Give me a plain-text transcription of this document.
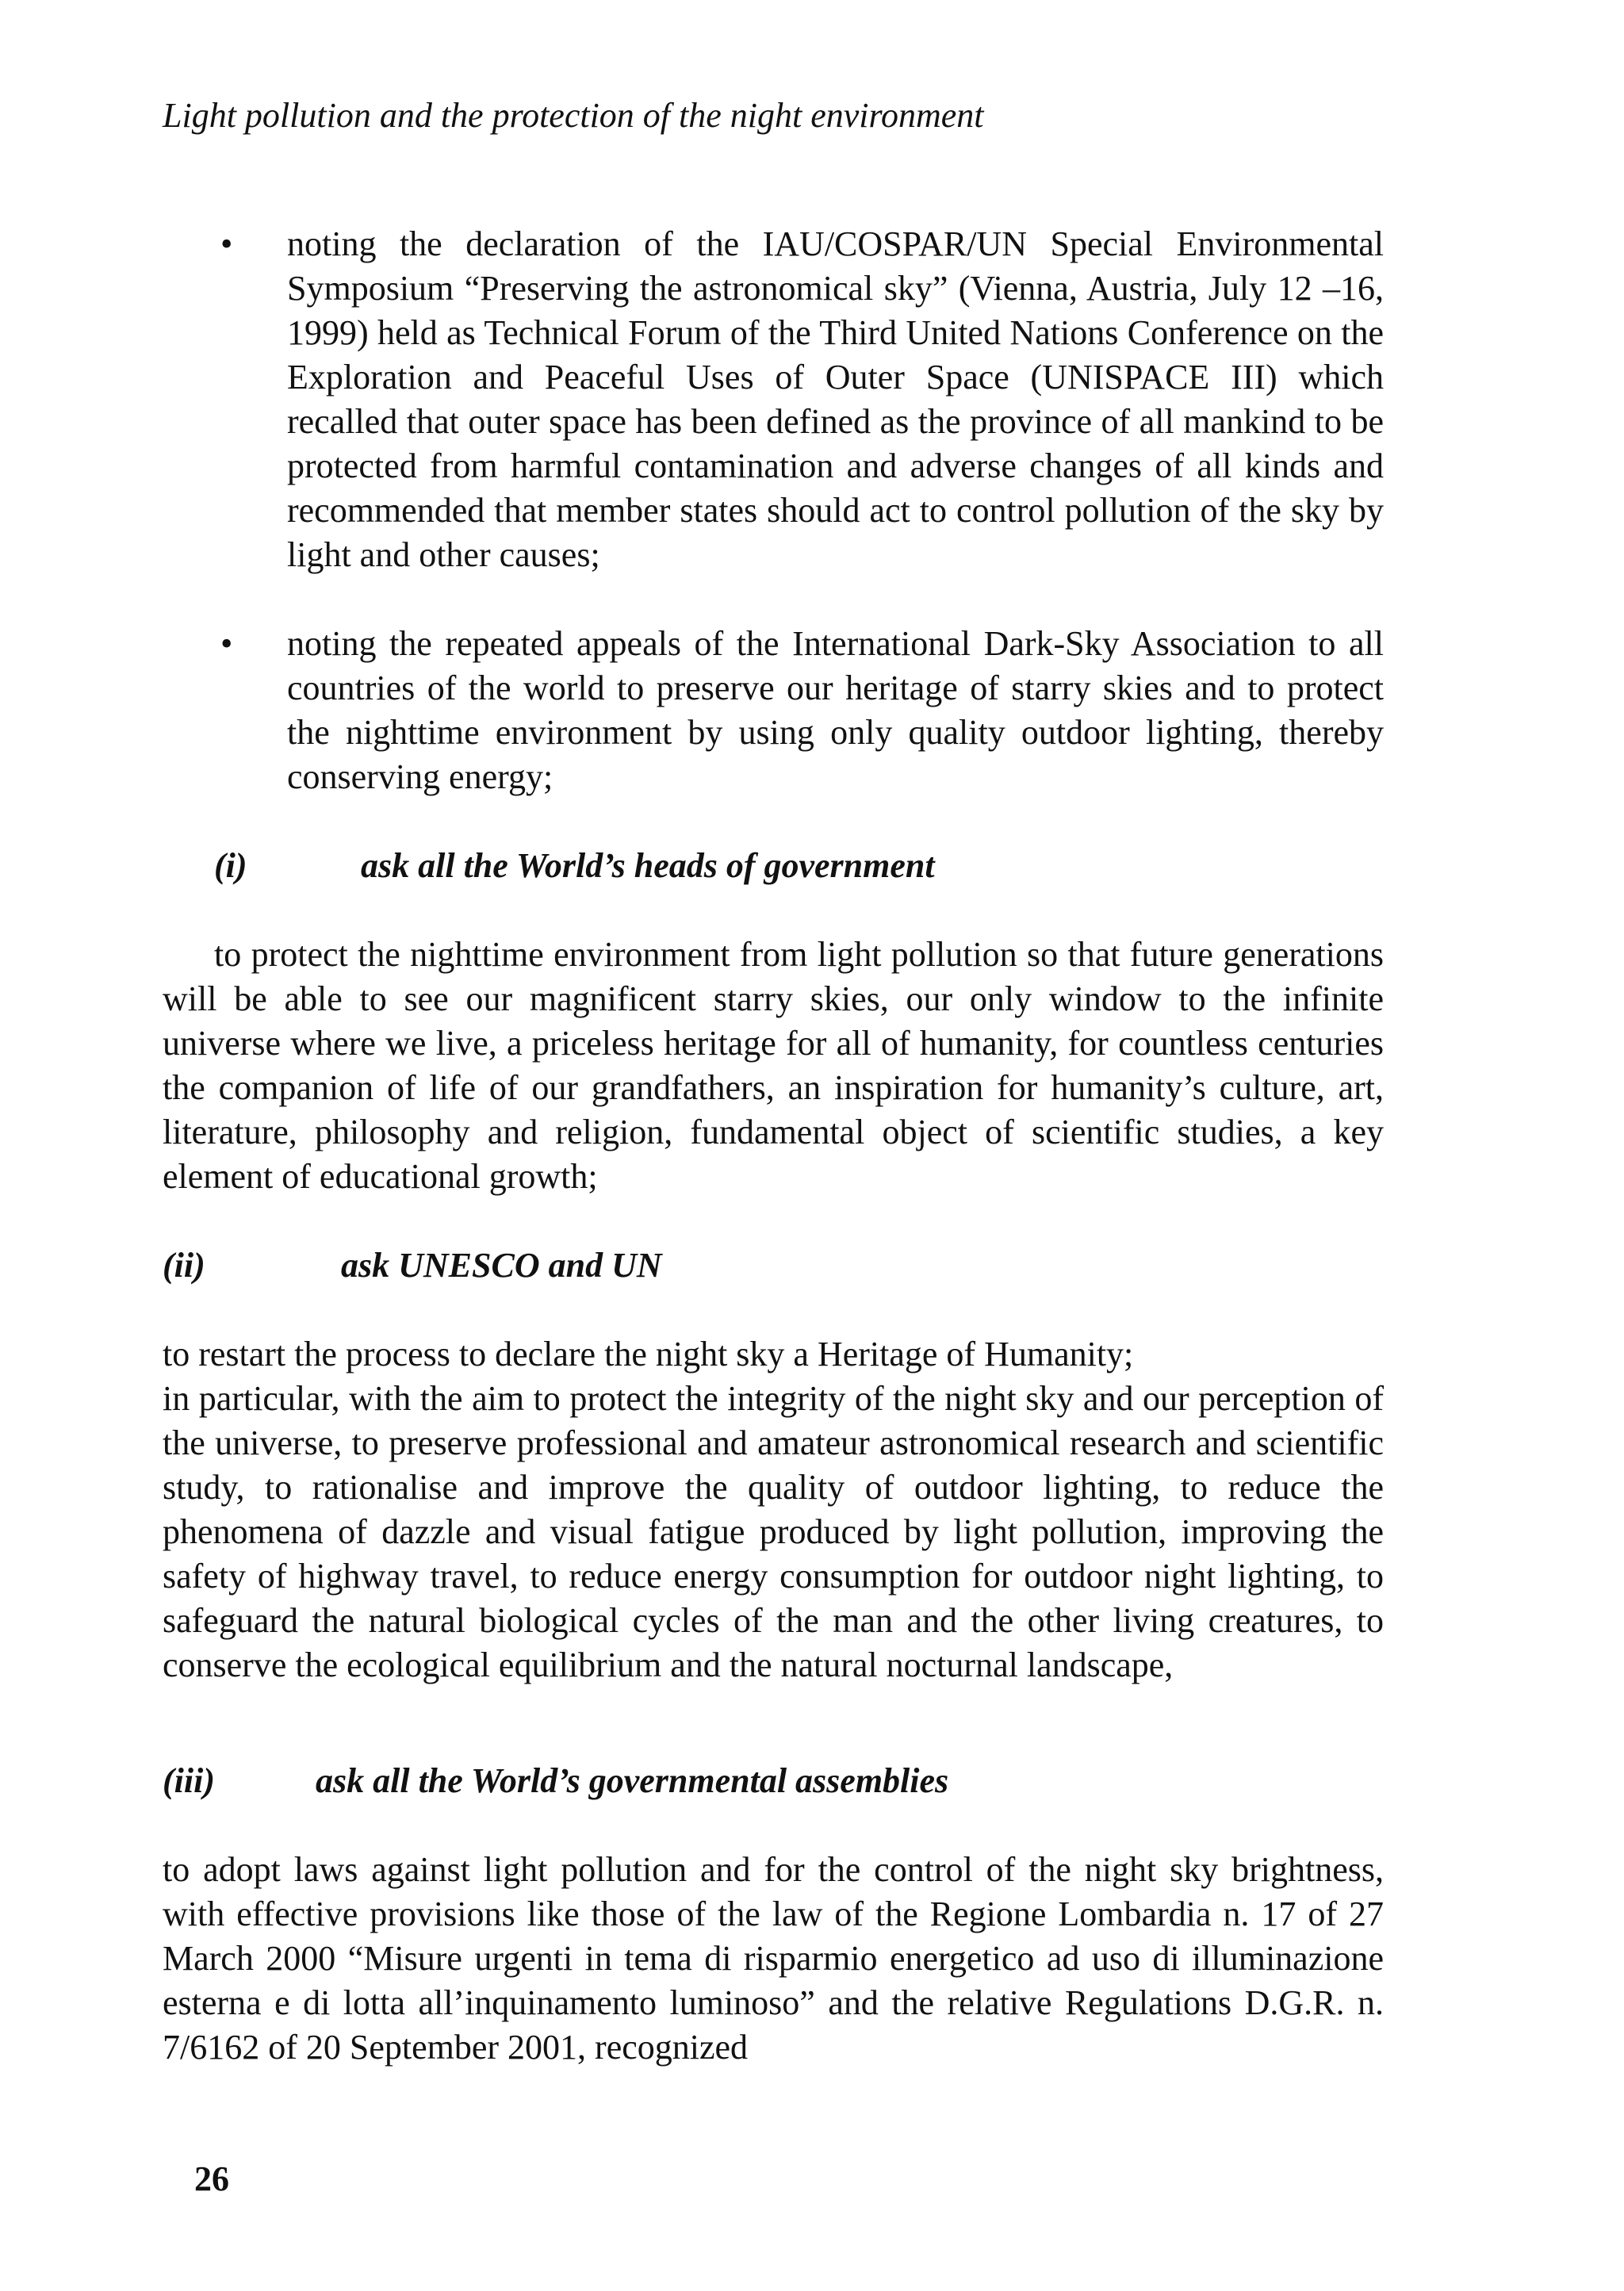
Light pollution and the protection of the night environment
• noting the declaration of the IAU/COSPAR/UN Special Environmental Symposium “Preserving the astronomical sky” (Vienna, Austria, July 12 –16, 1999) held as Technical Forum of the Third United Nations Conference on the Exploration and Peaceful Uses of Outer Space (UNISPACE III) which recalled that outer space has been defined as the province of all mankind to be protected from harmful contamination and adverse changes of all kinds and recommended that member states should act to control pollution of the sky by light and other causes;
• noting the repeated appeals of the International Dark-Sky Association to all countries of the world to preserve our heritage of starry skies and to protect the nighttime environment by using only quality outdoor lighting, thereby conserving energy;
(i)	ask all the World’s heads of government

to protect the nighttime environment from light pollution so that future generations will be able to see our magnificent starry skies, our only window to the infinite universe where we live, a priceless heritage for all of humanity, for countless centuries the companion of life of our grandfathers, an inspiration for humanity’s culture, art, literature, philosophy and religion, fundamental object of scientific studies, a key element of educational growth;

(ii)	ask UNESCO and UN

to restart the process to declare the night sky a Heritage of Humanity;

in particular, with the aim to protect the integrity of the night sky and our perception of the universe, to preserve professional and amateur astronomical research and scientific study, to rationalise and improve the quality of outdoor lighting, to reduce the phenomena of dazzle and visual fatigue produced by light pollution, improving the safety of highway travel, to reduce energy consumption for outdoor night lighting, to safeguard the natural biological cycles of the man and the other living creatures, to conserve the ecological equilibrium and the natural nocturnal landscape,

(iii)	ask all the World’s governmental assemblies

to adopt laws against light pollution and for the control of the night sky brightness, with effective provisions like those of the law of the Regione Lombardia n. 17 of 27 March 2000 “Misure urgenti in tema di risparmio energetico ad uso di illuminazione esterna e di lotta all’inquinamento luminoso” and the relative Regulations D.G.R. n. 7/6162 of 20 September 2001, recognized

26
